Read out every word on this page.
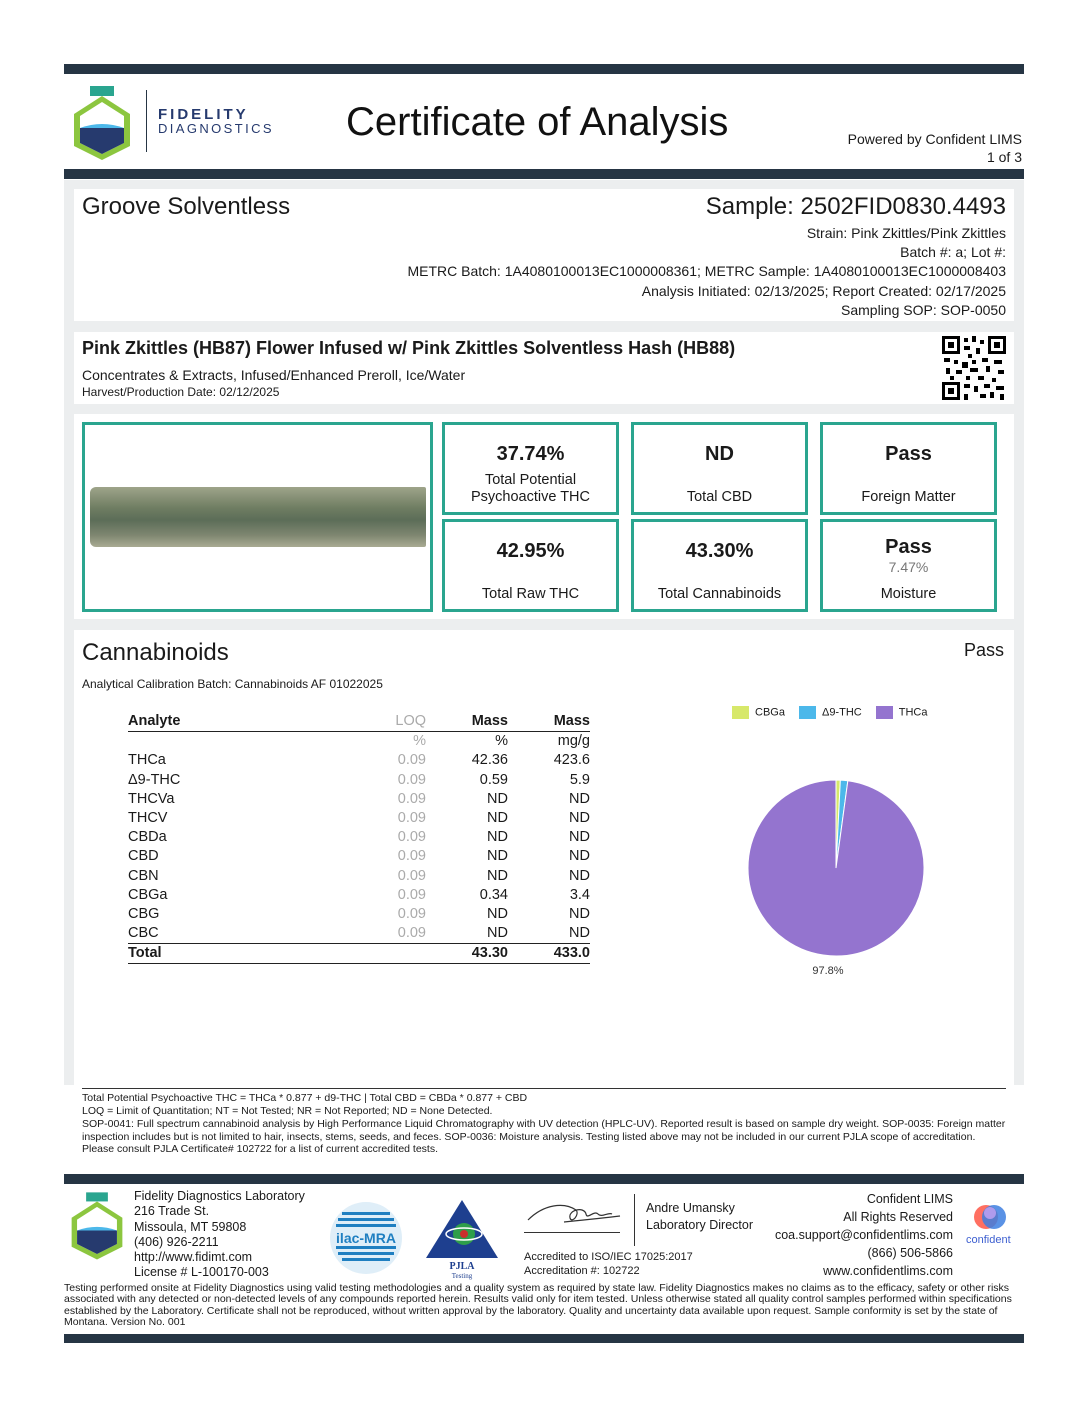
FIDELITY
DIAGNOSTICS Certificate of Analysis	Powered by Confident LIMS
1 of 3
Groove Solventless	Sample: 2502FID0830.4493
Strain: Pink Zkittles/Pink Zkittles
Batch #: a; Lot #:
METRC Batch: 1A4080100013EC1000008361; METRC Sample: 1A4080100013EC1000008403
Analysis Initiated: 02/13/2025; Report Created: 02/17/2025
Sampling SOP: SOP-0050
Pink Zkittles (HB87) Flower Infused w/ Pink Zkittles Solventless Hash (HB88)
Concentrates & Extracts, Infused/Enhanced Preroll, Ice/Water
Harvest/Production Date: 02/12/2025
37.74%
Total Potential Psychoactive THC
ND
Total CBD
Pass
Foreign Matter
42.95%
Total Raw THC
43.30%
Total Cannabinoids
Pass
7.47%
Moisture
Cannabinoids	Pass
Analytical Calibration Batch: Cannabinoids AF 01022025
Analyte	LOQ	Mass	Mass
	%	%	mg/g
THCa	0.09	42.36	423.6
Δ9-THC	0.09	0.59	5.9
THCVa	0.09	ND	ND
THCV	0.09	ND	ND
CBDa	0.09	ND	ND
CBD	0.09	ND	ND
CBN	0.09	ND	ND
CBGa	0.09	0.34	3.4
CBG	0.09	ND	ND
CBC	0.09	ND	ND
Total		43.30	433.0
CBGa	Δ9-THC	THCa
97.8%
Total Potential Psychoactive THC = THCa * 0.877 + d9-THC | Total CBD = CBDa * 0.877 + CBD
LOQ = Limit of Quantitation; NT = Not Tested; NR = Not Reported; ND = None Detected.
SOP-0041: Full spectrum cannabinoid analysis by High Performance Liquid Chromatography with UV detection (HPLC-UV). Reported result is based on sample dry weight. SOP-0035: Foreign matter inspection includes but is not limited to hair, insects, stems, seeds, and feces. SOP-0036: Moisture analysis. Testing listed above may not be included in our current PJLA scope of accreditation. Please consult PJLA Certificate# 102722 for a list of current accredited tests.
Fidelity Diagnostics Laboratory
216 Trade St.
Missoula, MT 59808
(406) 926-2211
http://www.fidimt.com
License # L-100170-003
ilac-MRA
PJLA
Testing
Andre Umansky
Laboratory Director
Accredited to ISO/IEC 17025:2017
Accreditation #: 102722
Confident LIMS
All Rights Reserved
coa.support@confidentlims.com
(866) 506-5866
www.confidentlims.com
confident
Testing performed onsite at Fidelity Diagnostics using valid testing methodologies and a quality system as required by state law. Fidelity Diagnostics makes no claims as to the efficacy, safety or other risks associated with any detected or non-detected levels of any compounds reported herein. Results valid only for item tested. Unless otherwise stated all quality control samples performed within specifications established by the Laboratory. Certificate shall not be reproduced, without written approval by the laboratory. Quality and uncertainty data available upon request. Sample conformity is set by the state of Montana. Version No. 001
